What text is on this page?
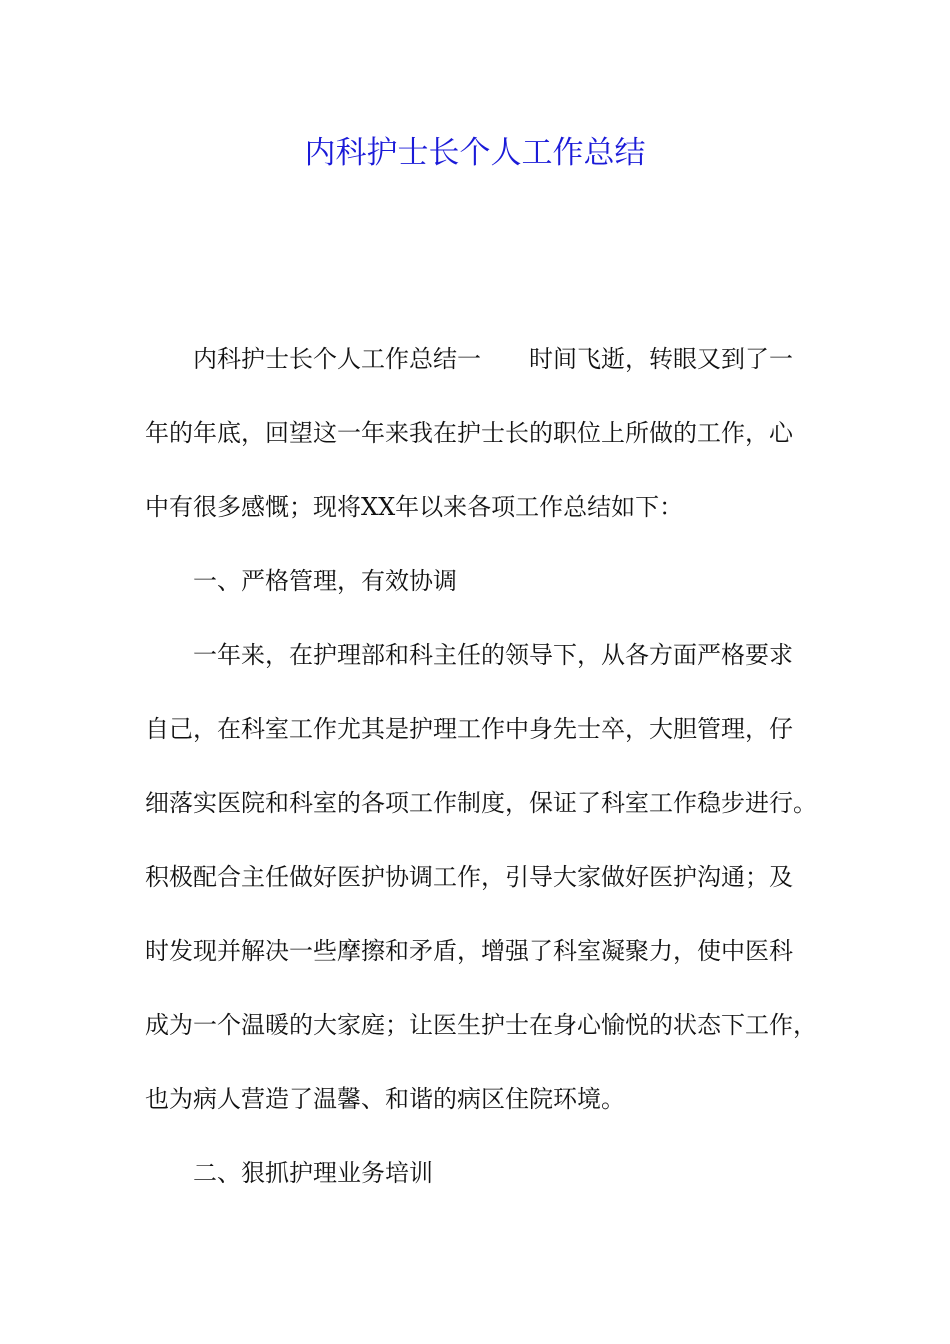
内科护士长个人工作总结
内科护士长个人工作总结一 时间飞逝，转眼又到了一
年的年底，回望这一年来我在护士长的职位上所做的工作，心
中有很多感慨；现将XX年以来各项工作总结如下：
一、严格管理，有效协调
一年来，在护理部和科主任的领导下，从各方面严格要求
自己，在科室工作尤其是护理工作中身先士卒，大胆管理，仔
细落实医院和科室的各项工作制度，保证了科室工作稳步进行。
积极配合主任做好医护协调工作，引导大家做好医护沟通；及
时发现并解决一些摩擦和矛盾，增强了科室凝聚力，使中医科
成为一个温暖的大家庭；让医生护士在身心愉悦的状态下工作，
也为病人营造了温馨、和谐的病区住院环境。
二、狠抓护理业务培训
